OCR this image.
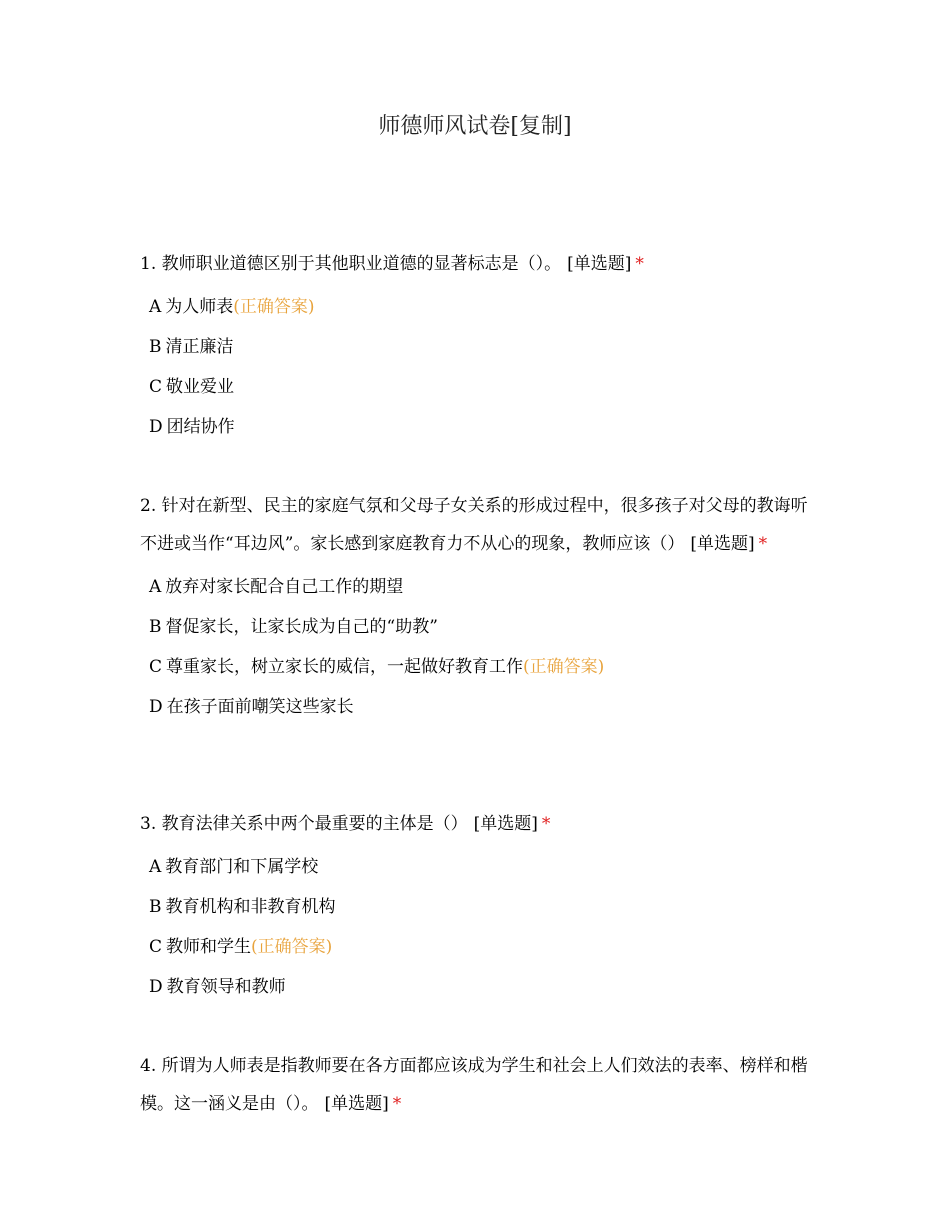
师德师风试卷[复制]
1. 教师职业道德区别于其他职业道德的显著标志是（）。 [单选题] *
A 为人师表(正确答案)
B 清正廉洁
C 敬业爱业
D 团结协作
2. 针对在新型、民主的家庭气氛和父母子女关系的形成过程中，很多孩子对父母的教诲听不进或当作“耳边风”。家长感到家庭教育力不从心的现象，教师应该（） [单选题] *
A 放弃对家长配合自己工作的期望
B 督促家长，让家长成为自己的“助教”
C 尊重家长，树立家长的威信，一起做好教育工作(正确答案)
D 在孩子面前嘲笑这些家长
3. 教育法律关系中两个最重要的主体是（） [单选题] *
A 教育部门和下属学校
B 教育机构和非教育机构
C 教师和学生(正确答案)
D 教育领导和教师
4. 所谓为人师表是指教师要在各方面都应该成为学生和社会上人们效法的表率、榜样和楷模。这一涵义是由（）。 [单选题] *
